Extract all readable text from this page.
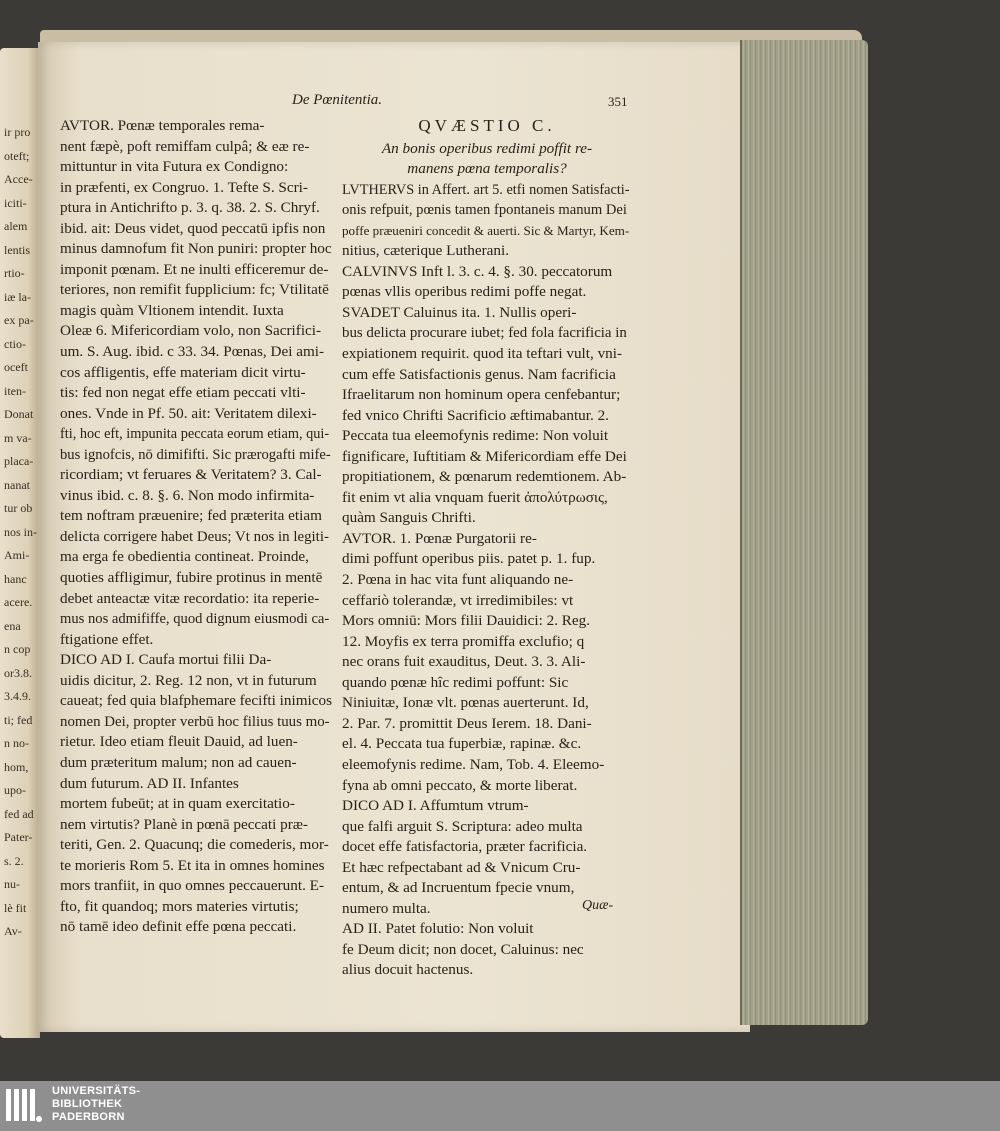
ir pro
oteft;
Acce-
iciti-
alem
lentis
rtio-
iæ la-
ex pa-
ctio-
oceft
iten-
Donat
m va-
placa-
nanat
tur ob
nos in-
Ami-
hanc
acere.
ena
n cop
or3.8.
3.4.9.
ti; fed
n no-
hom,
upo-
fed ad
Pater-
s. 2.
nu-
lè fit
Av-
De Pœnitentia.	351

AVTOR. Pœnæ temporales rema-

nent fæpè, poft remiffam culpâ; & eæ re-

mittuntur in vita Futura ex Condigno:

in præfenti, ex Congruo. 1. Tefte S. Scri-

ptura in Antichrifto p. 3. q. 38. 2. S. Chryf.

ibid. ait: Deus videt, quod peccatū ipfis non

minus damnofum fit Non puniri: propter hoc

imponit pœnam. Et ne inulti efficeremur de-

teriores, non remifit fupplicium: fc; Vtilitatē

magis quàm Vltionem intendit. Iuxta

Oleæ 6. Mifericordiam volo, non Sacrifici-

um. S. Aug. ibid. c 33. 34. Pœnas, Dei ami-

cos affligentis, effe materiam dicit virtu-

tis: fed non negat effe etiam peccati vlti-

ones. Vnde in Pf. 50. ait: Veritatem dilexi-

fti, hoc eft, impunita peccata eorum etiam, qui-

bus ignofcis, nō dimififti. Sic prærogafti mife-

ricordiam; vt feruares & Veritatem? 3. Cal-

vinus ibid. c. 8. §. 6. Non modo infirmita-

tem noftram præuenire; fed præterita etiam

delicta corrigere habet Deus; Vt nos in legiti-

ma erga fe obedientia contineat. Proinde,

quoties affligimur, fubire protinus in mentē

debet anteactæ vitæ recordatio: ita reperie-

mus nos admififfe, quod dignum eiusmodi ca-

ftigatione effet.

DICO AD I. Caufa mortui filii Da-

uidis dicitur, 2. Reg. 12 non, vt in futurum

caueat; fed quia blafphemare fecifti inimicos

nomen Dei, propter verbū hoc filius tuus mo-

rietur. Ideo etiam fleuit Dauid, ad luen-

dum præteritum malum; non ad cauen-

dum futurum. AD II. Infantes

mortem fubeūt; at in quam exercitatio-

nem virtutis? Planè in pœnā peccati præ-

teriti, Gen. 2. Quacunq; die comederis, mor-

te morieris Rom 5. Et ita in omnes homines

mors tranfiit, in quo omnes peccauerunt. E-

fto, fit quandoq; mors materies virtutis;

nō tamē ideo definit effe pœna peccati.

QVÆSTIO C.

An bonis operibus redimi poffit re-

manens pœna temporalis?

LVTHERVS in Affert. art 5. etfi nomen Satisfacti-

onis refpuit, pœnis tamen fpontaneis manum Dei

poffe præueniri concedit & auerti. Sic & Martyr, Kem-

nitius, cæterique Lutherani.

CALVINVS Inft l. 3. c. 4. §. 30. peccatorum

pœnas vllis operibus redimi poffe negat.

SVADET Caluinus ita. 1. Nullis operi-

bus delicta procurare iubet; fed fola facrificia in

expiationem requirit. quod ita teftari vult, vni-

cum effe Satisfactionis genus. Nam facrificia

Ifraelitarum non hominum opera cenfebantur;

fed vnico Chrifti Sacrificio æftimabantur. 2.

Peccata tua eleemofynis redime: Non voluit

fignificare, Iuftitiam & Mifericordiam effe Dei

propitiationem, & pœnarum redemtionem. Ab-

fit enim vt alia vnquam fuerit ἀπολύτρωσις,

quàm Sanguis Chrifti.

AVTOR. 1. Pœnæ Purgatorii re-

dimi poffunt operibus piis. patet p. 1. fup.

2. Pœna in hac vita funt aliquando ne-

ceffariò tolerandæ, vt irredimibiles: vt

Mors omniū: Mors filii Dauidici: 2. Reg.

12. Moyfis ex terra promiffa exclufio; q

nec orans fuit exauditus, Deut. 3. 3. Ali-

quando pœnæ hîc redimi poffunt: Sic

Niniuitæ, Ionæ vlt. pœnas auerterunt. Id,

2. Par. 7. promittit Deus Ierem. 18. Dani-

el. 4. Peccata tua fuperbiæ, rapinæ. &c.

eleemofynis redime. Nam, Tob. 4. Eleemo-

fyna ab omni peccato, & morte liberat.

DICO AD I. Affumtum vtrum-

que falfi arguit S. Scriptura: adeo multa

docet effe fatisfactoria, præter facrificia.

Et hæc refpectabant ad & Vnicum Cru-

entum, & ad Incruentum fpecie vnum,

numero multa.

AD II. Patet folutio: Non voluit

fe Deum dicit; non docet, Caluinus: nec

alius docuit hactenus.

Quæ-
UNIVERSITÄTS-
BIBLIOTHEK
PADERBORN
